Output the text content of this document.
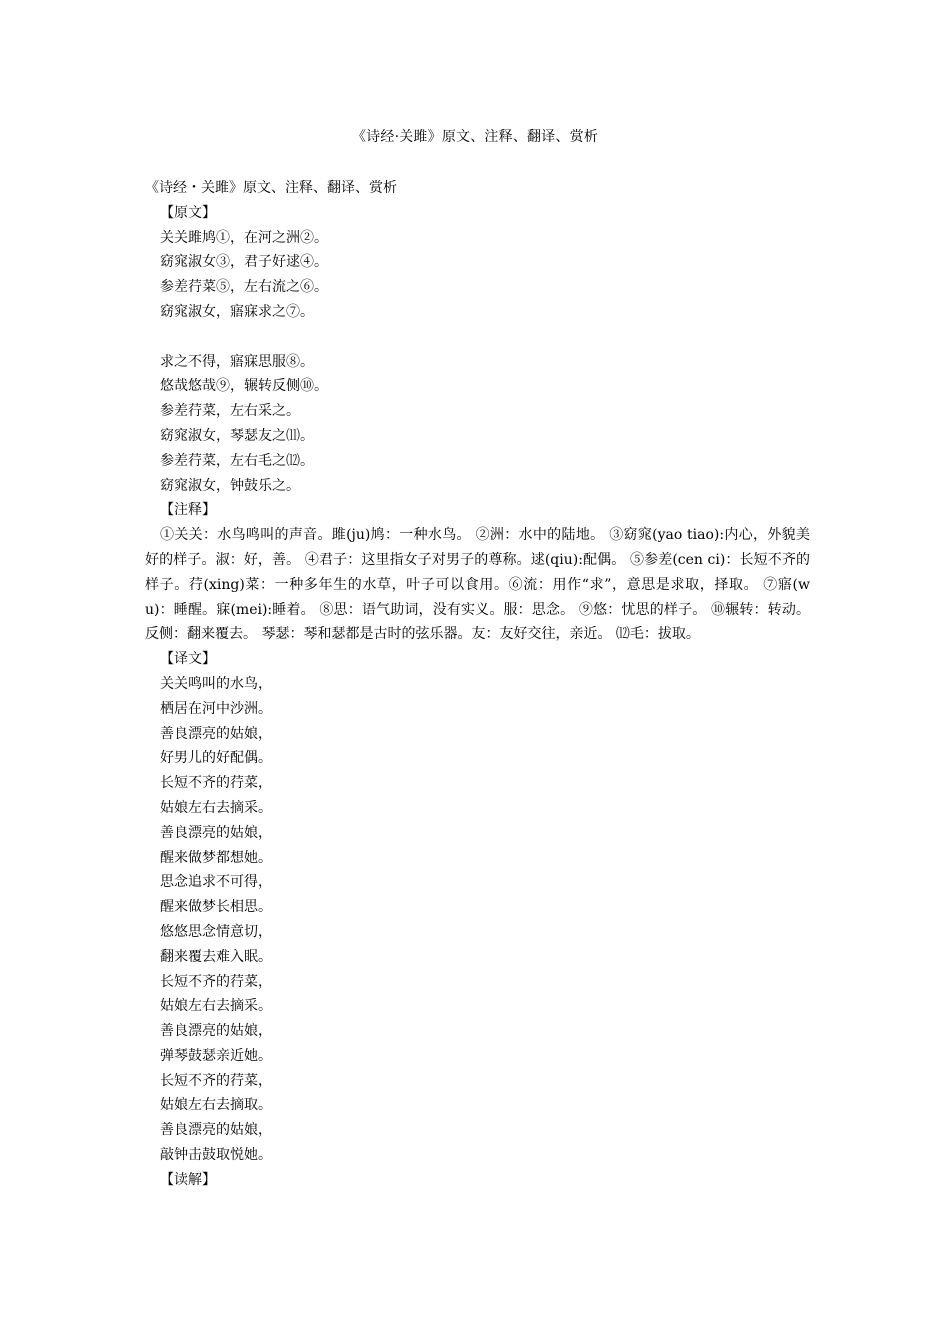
《诗经·关雎》原文、注释、翻译、赏析
《诗经・关雎》原文、注释、翻译、赏析
【原文】
关关雎鸠①，在河之洲②。
窈窕淑女③，君子好逑④。
参差荇菜⑤，左右流之⑥。
窈窕淑女，寤寐求之⑦。
求之不得，寤寐思服⑧。
悠哉悠哉⑨，辗转反侧⑩。
参差荇菜，左右采之。
窈窕淑女，琴瑟友之⑾。
参差荇菜，左右毛之⑿。
窈窕淑女，钟鼓乐之。
【注释】
①关关：水鸟鸣叫的声音。雎(ju)鸠：一种水鸟。 ②洲：水中的陆地。 ③窈窕(yao tiao):内心，外貌美好的样子。淑：好，善。 ④君子：这里指女子对男子的尊称。逑(qiu):配偶。 ⑤参差(cen ci)：长短不齐的样子。荇(xing)菜：一种多年生的水草，叶子可以食用。⑥流：用作“求”，意思是求取，择取。 ⑦寤(wu)：睡醒。寐(mei):睡着。 ⑧思：语气助词，没有实义。服：思念。 ⑨悠：忧思的样子。 ⑩辗转：转动。反侧：翻来覆去。 琴瑟：琴和瑟都是古时的弦乐器。友：友好交往，亲近。 ⑿毛：拔取。
【译文】
关关鸣叫的水鸟，
栖居在河中沙洲。
善良漂亮的姑娘，
好男儿的好配偶。
长短不齐的荇菜，
姑娘左右去摘采。
善良漂亮的姑娘，
醒来做梦都想她。
思念追求不可得，
醒来做梦长相思。
悠悠思念情意切，
翻来覆去难入眠。
长短不齐的荇菜，
姑娘左右去摘采。
善良漂亮的姑娘，
弹琴鼓瑟亲近她。
长短不齐的荇菜，
姑娘左右去摘取。
善良漂亮的姑娘，
敲钟击鼓取悦她。
【读解】
